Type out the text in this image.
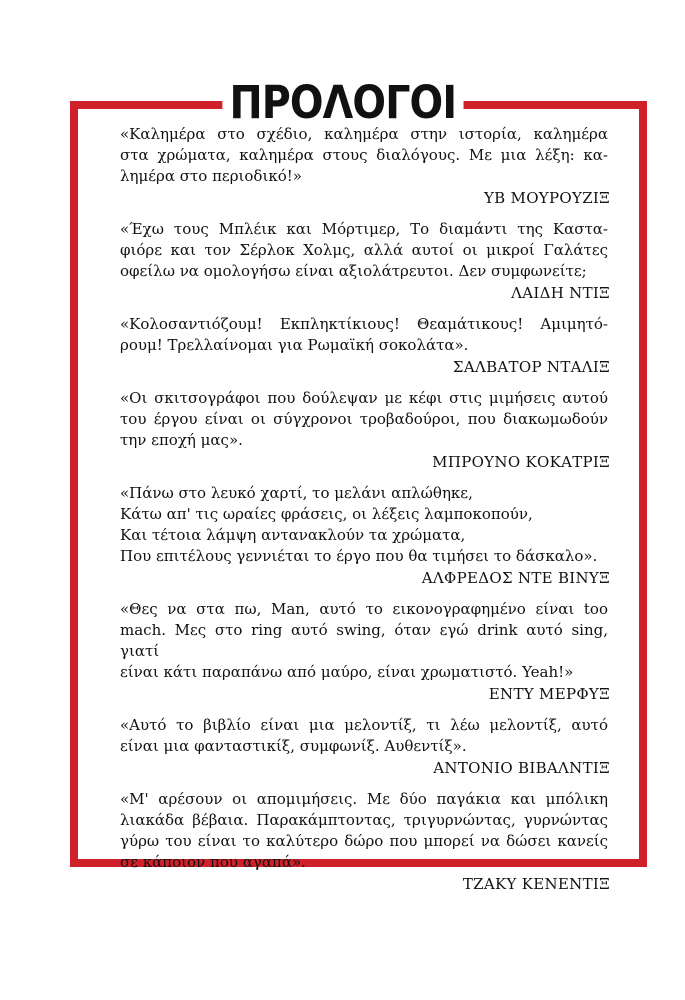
ΠΡΟΛΟΓΟΙ
«Καλημέρα στο σχέδιο, καλημέρα στην ιστορία, καλημέρα
στα χρώματα, καλημέρα στους διαλόγους. Με μια λέξη: κα-
λημέρα στο περιοδικό!»
ΥΒ ΜΟΥΡΟΥΖΙΞ
«Έχω τους Μπλέικ και Μόρτιμερ, Το διαμάντι της Καστα-
φιόρε και τον Σέρλοκ Χολμς, αλλά αυτοί οι μικροί Γαλάτες
οφείλω να ομολογήσω είναι αξιολάτρευτοι. Δεν συμφωνείτε;
ΛΑΙΔΗ ΝΤΙΞ
«Κολοσαντιόζουμ! Εκπληκτίκιους! Θεαμάτικους! Αμιμητό-
ρουμ! Τρελλαίνομαι για Ρωμαϊκή σοκολάτα».
ΣΑΛΒΑΤΟΡ ΝΤΑΛΙΞ
«Οι σκιτσογράφοι που δούλεψαν με κέφι στις μιμήσεις αυτού
του έργου είναι οι σύγχρονοι τροβαδούροι, που διακωμωδούν
την εποχή μας».
ΜΠΡΟΥΝΟ ΚΟΚΑΤΡΙΞ
«Πάνω στο λευκό χαρτί, το μελάνι απλώθηκε,
Κάτω απ' τις ωραίες φράσεις, οι λέξεις λαμποκοπούν,
Και τέτοια λάμψη αντανακλούν τα χρώματα,
Που επιτέλους γεννιέται το έργο που θα τιμήσει το δάσκαλο».
ΑΛΦΡΕΔΟΣ ΝΤΕ ΒΙΝΥΞ
«Θες να στα πω, Man, αυτό το εικονογραφημένο είναι too
mach. Μες στο ring αυτό swing, όταν εγώ drink αυτό sing, γιατί
είναι κάτι παραπάνω από μαύρο, είναι χρωματιστό. Yeah!»
ΕΝΤΥ ΜΕΡΦΥΞ
«Αυτό το βιβλίο είναι μια μελοντίξ, τι λέω μελοντίξ, αυτό
είναι μια φανταστικίξ, συμφωνίξ. Αυθεντίξ».
ΑΝΤΟΝΙΟ ΒΙΒΑΛΝΤΙΞ
«Μ' αρέσουν οι απομιμήσεις. Με δύο παγάκια και μπόλικη
λιακάδα βέβαια. Παρακάμπτοντας, τριγυρνώντας, γυρνώντας
γύρω του είναι το καλύτερο δώρο που μπορεί να δώσει κανείς
σε κάποιον που αγαπά».
ΤΖΑΚΥ ΚΕΝΕΝΤΙΞ
